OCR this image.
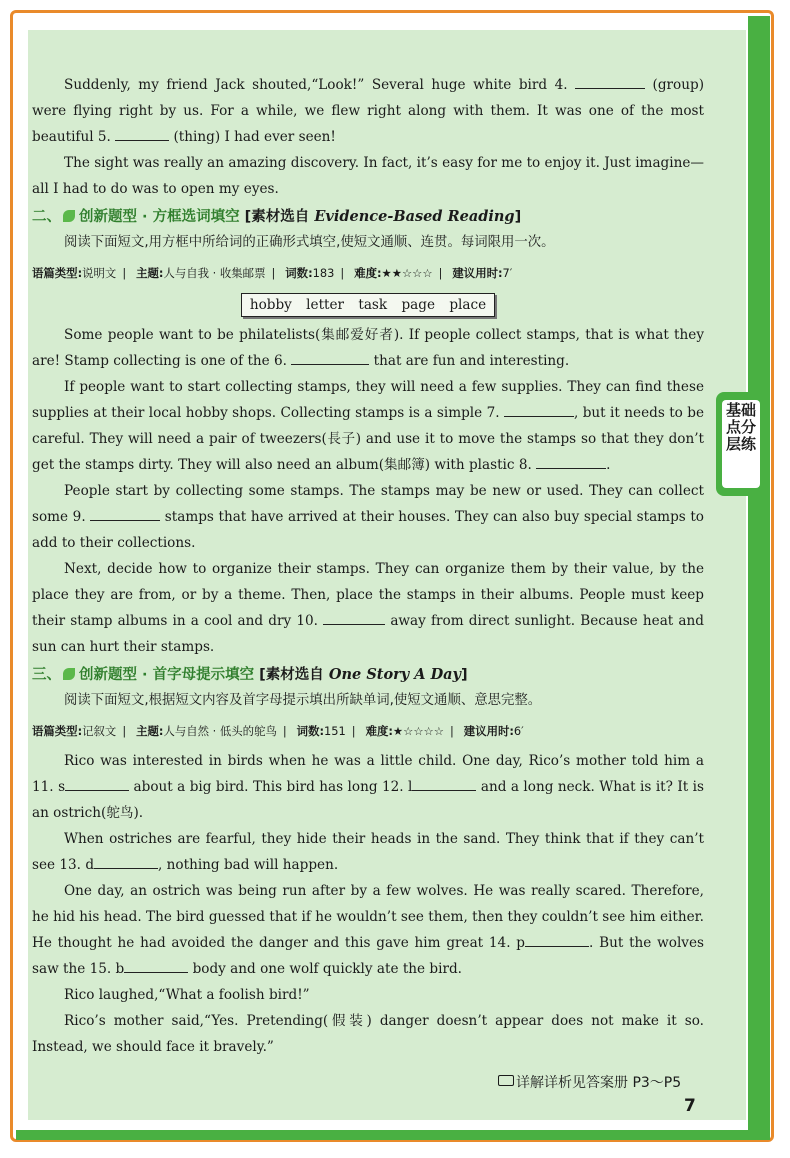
Suddenly, my friend Jack shouted,“Look!” Several huge white bird 4.	(group) were flying right by us. For a while, we flew right along with them. It was one of the most beautiful 5.	(thing) I had ever seen!

The sight was really an amazing discovery. In fact, it’s easy for me to enjoy it. Just imagine—all I had to do was to open my eyes.

二、 创新题型 · 方框选词填空 [素材选自 Evidence-Based Reading]

阅读下面短文,用方框中所给词的正确形式填空,使短文通顺、连贯。每词限用一次。

语篇类型:说明文 | 主题:人与自我 · 收集邮票 | 词数:183 | 难度:★★☆☆☆ | 建议用时:7′
hobby letter task page place

Some people want to be philatelists(集邮爱好者). If people collect stamps, that is what they are! Stamp collecting is one of the 6.	that are fun and interesting.

If people want to start collecting stamps, they will need a few supplies. They can find these supplies at their local hobby shops. Collecting stamps is a simple 7.	, but it needs to be careful. They will need a pair of tweezers(長子) and use it to move the stamps so that they don’t get the stamps dirty. They will also need an album(集邮簿) with plastic 8.	.

People start by collecting some stamps. The stamps may be new or used. They can collect some 9.	stamps that have arrived at their houses. They can also buy special stamps to add to their collections.

Next, decide how to organize their stamps. They can organize them by their value, by the place they are from, or by a theme. Then, place the stamps in their albums. People must keep their stamp albums in a cool and dry 10.	away from direct sunlight. Because heat and sun can hurt their stamps.

三、 创新题型 · 首字母提示填空 [素材选自 One Story A Day]

阅读下面短文,根据短文内容及首字母提示填出所缺单词,使短文通顺、意思完整。

语篇类型:记叙文 | 主题:人与自然 · 低头的鸵鸟 | 词数:151 | 难度:★☆☆☆☆ | 建议用时:6′

Rico was interested in birds when he was a little child. One day, Rico’s mother told him a 11. s	about a big bird. This bird has long 12. l	and a long neck. What is it? It is an ostrich(鸵鸟).

When ostriches are fearful, they hide their heads in the sand. They think that if they can’t see 13. d	, nothing bad will happen.

One day, an ostrich was being run after by a few wolves. He was really scared. Therefore, he hid his head. The bird guessed that if he wouldn’t see them, then they couldn’t see him either. He thought he had avoided the danger and this gave him great 14. p	. But the wolves saw the 15. b	body and one wolf quickly ate the bird.

Rico laughed,“What a foolish bird!”

Rico’s mother said,“Yes. Pretending(假装) danger doesn’t appear does not make it so. Instead, we should face it bravely.”

基础点分层练
详解详析见答案册 P3～P5
7
